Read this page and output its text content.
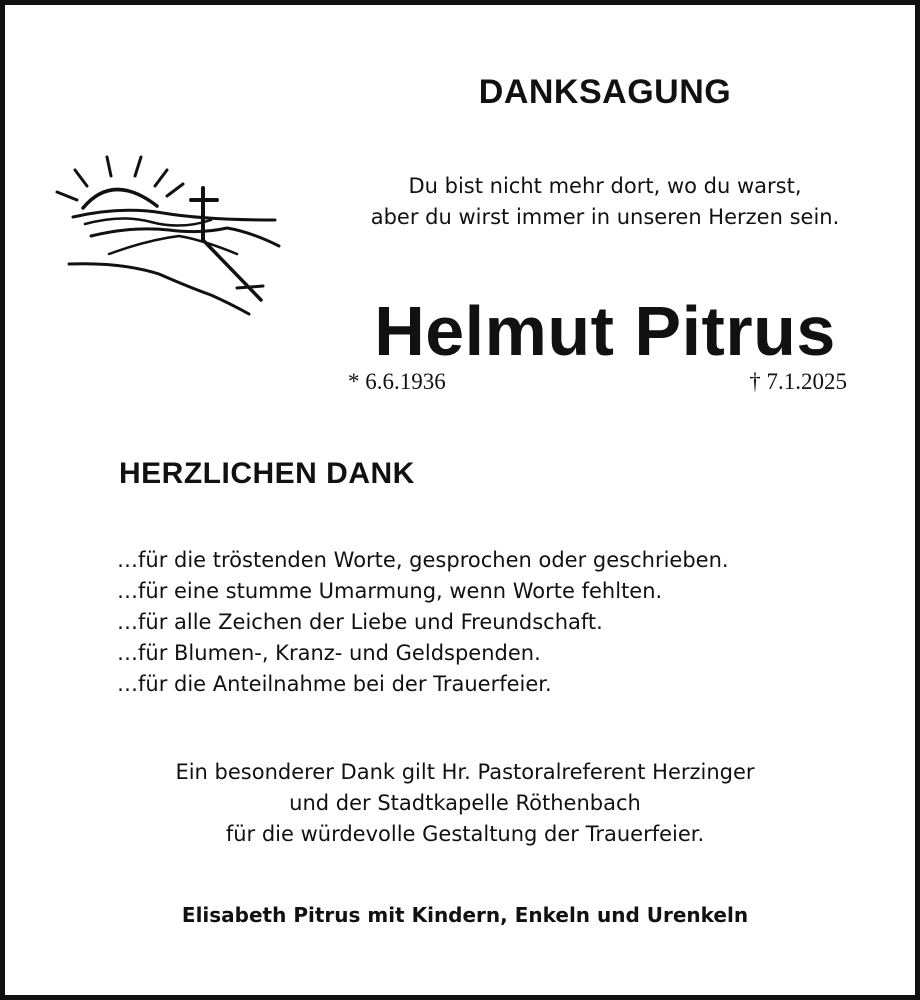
DANKSAGUNG
Du bist nicht mehr dort, wo du warst,
aber du wirst immer in unseren Herzen sein.
Helmut Pitrus
* 6.6.1936	† 7.1.2025
HERZLICHEN DANK
…für die tröstenden Worte, gesprochen oder geschrieben.
…für eine stumme Umarmung, wenn Worte fehlten.
…für alle Zeichen der Liebe und Freundschaft.
…für Blumen-, Kranz- und Geldspenden.
…für die Anteilnahme bei der Trauerfeier.
Ein besonderer Dank gilt Hr. Pastoralreferent Herzinger
und der Stadtkapelle Röthenbach
für die würdevolle Gestaltung der Trauerfeier.
Elisabeth Pitrus mit Kindern, Enkeln und Urenkeln
